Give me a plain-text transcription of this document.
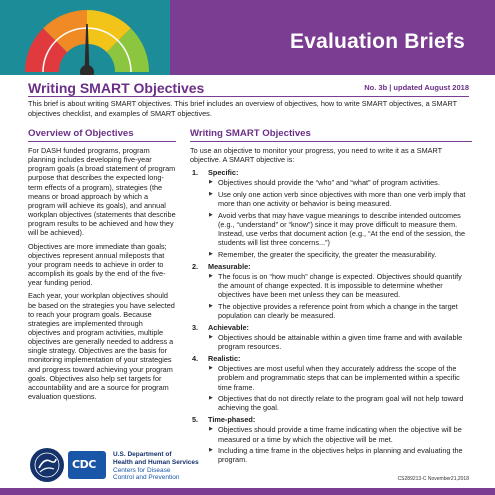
Evaluation Briefs
Writing SMART Objectives	No. 3b | updated August 2018
This brief is about writing SMART objectives. This brief includes an overview of objectives, how to write SMART objectives, a SMART objectives checklist, and examples of SMART objectives.
Overview of Objectives

For DASH funded programs, program planning includes developing five-year program goals (a broad statement of program purpose that describes the expected long-term effects of a program), strategies (the means or broad approach by which a program will achieve its goals), and annual workplan objectives (statements that describe program results to be achieved and how they will be achieved).

Objectives are more immediate than goals; objectives represent annual mileposts that your program needs to achieve in order to accomplish its goals by the end of the five-year funding period.

Each year, your workplan objectives should be based on the strategies you have selected to reach your program goals. Because strategies are implemented through objectives and program activities, multiple objectives are generally needed to address a single strategy. Objectives are the basis for monitoring implementation of your strategies and progress toward achieving your program goals. Objectives also help set targets for accountability and are a source for program evaluation questions.

Writing SMART Objectives

To use an objective to monitor your progress, you need to write it as a SMART objective. A SMART objective is:

1. Specific:
▶ Objectives should provide the “who” and “what” of program activities.
▶ Use only one action verb since objectives with more than one verb imply that more than one activity or behavior is being measured.
▶ Avoid verbs that may have vague meanings to describe intended outcomes (e.g., “understand” or “know”) since it may prove difficult to measure them. Instead, use verbs that document action (e.g., “At the end of the session, the students will list three concerns...”)
▶ Remember, the greater the specificity, the greater the measurability.
2. Measurable:
▶ The focus is on “how much” change is expected. Objectives should quantify the amount of change expected. It is impossible to determine whether objectives have been met unless they can be measured.
▶ The objective provides a reference point from which a change in the target population can clearly be measured.
3. Achievable:
▶ Objectives should be attainable within a given time frame and with available program resources.
4. Realistic:
▶ Objectives are most useful when they accurately address the scope of the problem and programmatic steps that can be implemented within a specific time frame.
▶ Objectives that do not directly relate to the program goal will not help toward achieving the goal.
5. Time-phased:
▶ Objectives should provide a time frame indicating when the objective will be measured or a time by which the objective will be met.
▶ Including a time frame in the objectives helps in planning and evaluating the program.
CDC
U.S. Department of
Health and Human Services
Centers for Disease
Control and Prevention	CS289213-C November21,2018
